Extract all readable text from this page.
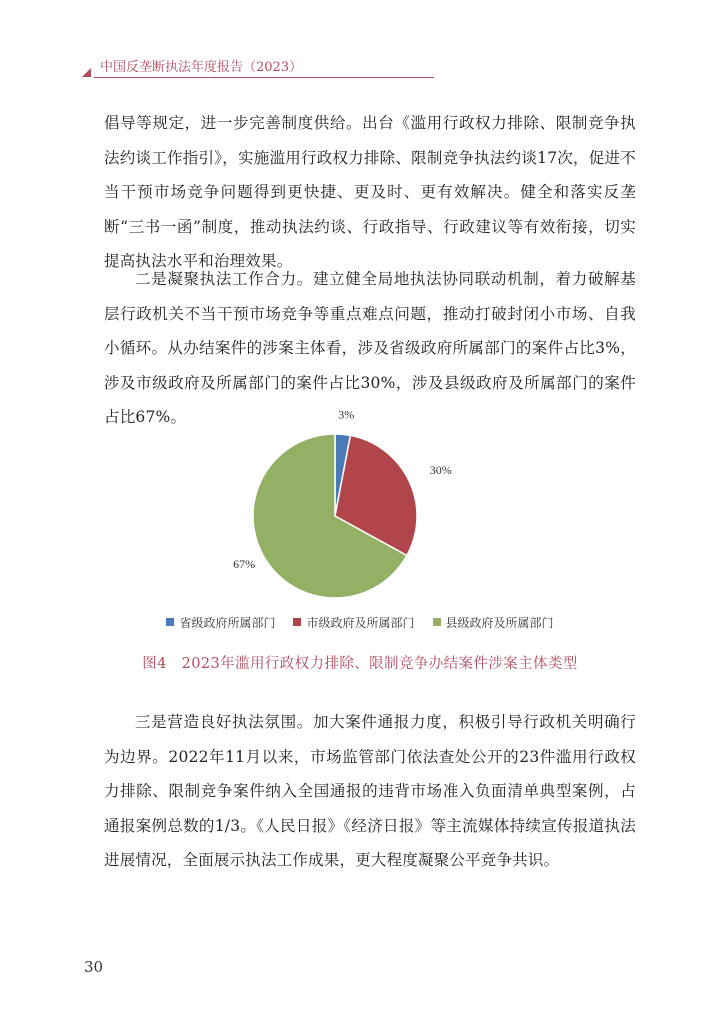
中国反垄断执法年度报告（2023）

倡导等规定，进一步完善制度供给。出台《滥用行政权力排除、限制竞争执法约谈工作指引》，实施滥用行政权力排除、限制竞争执法约谈17次，促进不当干预市场竞争问题得到更快捷、更及时、更有效解决。健全和落实反垄断“三书一函”制度，推动执法约谈、行政指导、行政建议等有效衔接，切实提高执法水平和治理效果。

二是凝聚执法工作合力。建立健全局地执法协同联动机制，着力破解基层行政机关不当干预市场竞争等重点难点问题，推动打破封闭小市场、自我小循环。从办结案件的涉案主体看，涉及省级政府所属部门的案件占比3%，涉及市级政府及所属部门的案件占比30%，涉及县级政府及所属部门的案件占比67%。	3%
30%
67%
省级政府所属部门	市级政府及所属部门	县级政府及所属部门
图4　2023年滥用行政权力排除、限制竞争办结案件涉案主体类型

三是营造良好执法氛围。加大案件通报力度，积极引导行政机关明确行为边界。2022年11月以来，市场监管部门依法查处公开的23件滥用行政权力排除、限制竞争案件纳入全国通报的违背市场准入负面清单典型案例，占通报案例总数的1/3。《人民日报》《经济日报》等主流媒体持续宣传报道执法进展情况，全面展示执法工作成果，更大程度凝聚公平竞争共识。

30
